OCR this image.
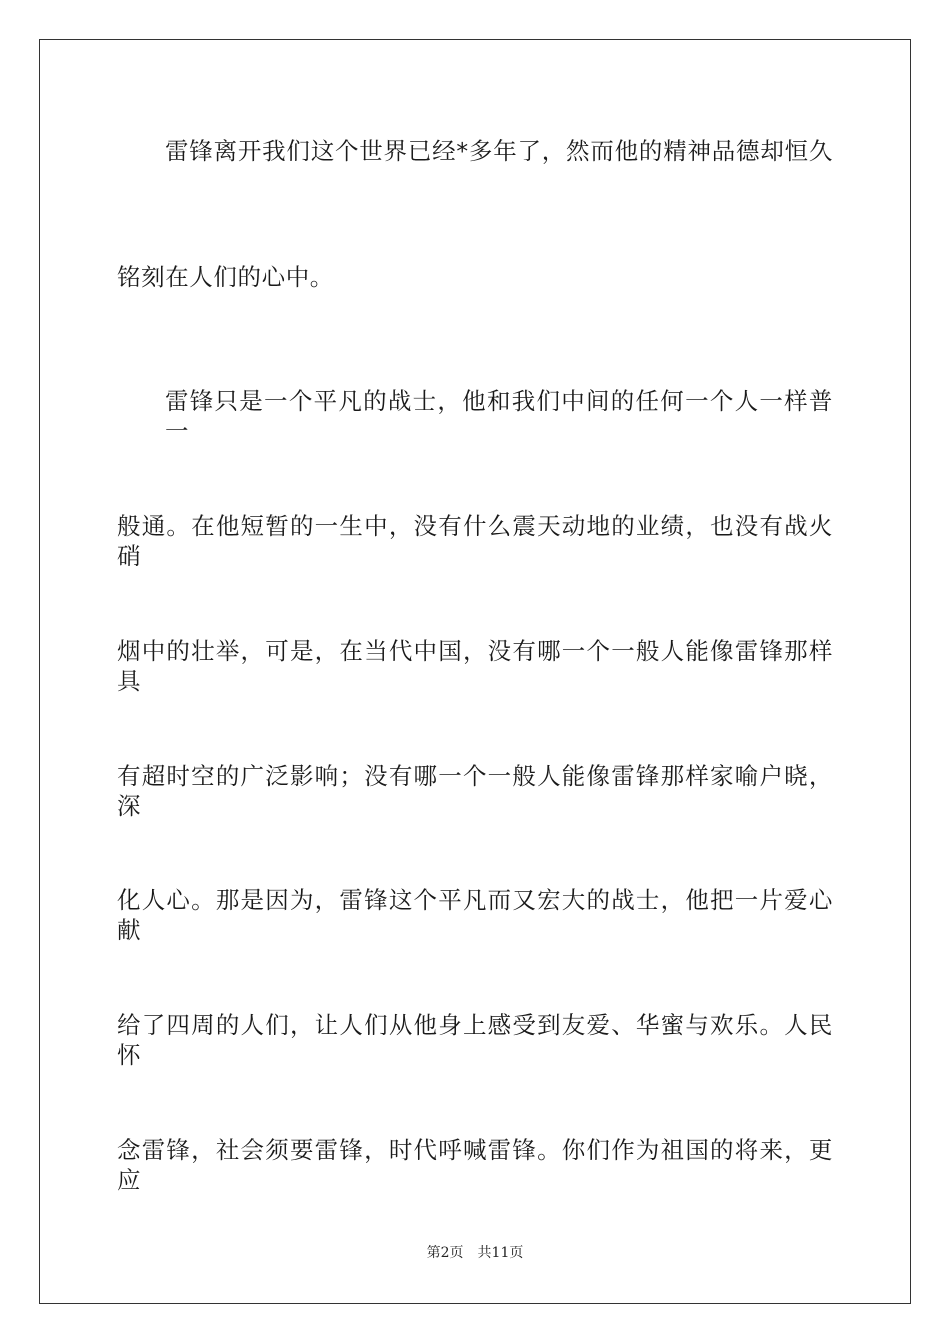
雷锋离开我们这个世界已经*多年了，然而他的精神品德却恒久
铭刻在人们的心中。
雷锋只是一个平凡的战士，他和我们中间的任何一个人一样普一
般通。在他短暂的一生中，没有什么震天动地的业绩，也没有战火硝
烟中的壮举，可是，在当代中国，没有哪一个一般人能像雷锋那样具
有超时空的广泛影响；没有哪一个一般人能像雷锋那样家喻户晓，深
化人心。那是因为，雷锋这个平凡而又宏大的战士，他把一片爱心献
给了四周的人们，让人们从他身上感受到友爱、华蜜与欢乐。人民怀
念雷锋，社会须要雷锋，时代呼喊雷锋。你们作为祖国的将来，更应
第2页 共11页
